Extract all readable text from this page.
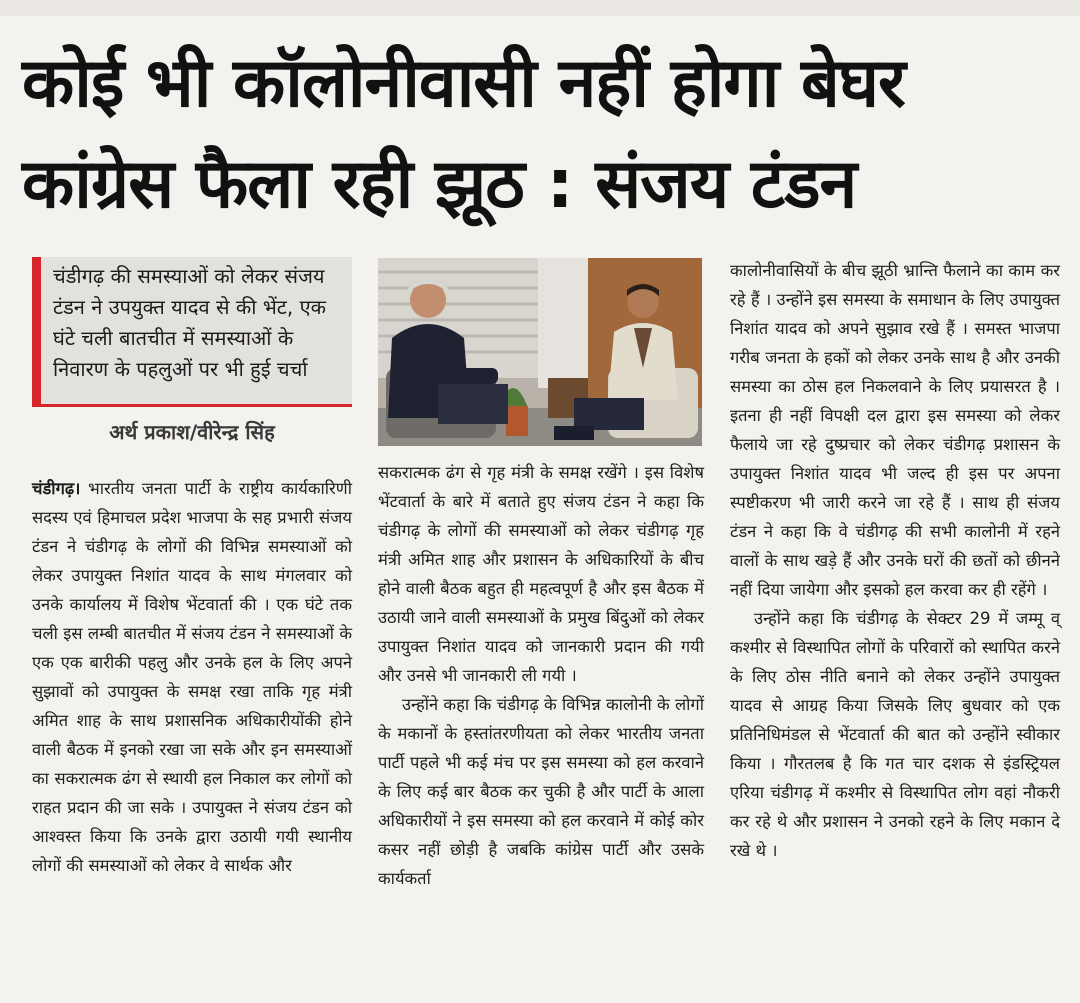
कोई भी कॉलोनीवासी नहीं होगा बेघर
कांग्रेस फैला रही झूठ : संजय टंडन
चंडीगढ़ की समस्याओं को लेकर संजय टंडन ने उपयुक्त यादव से की भेंट, एक घंटे चली बातचीत में समस्याओं के निवारण के पहलुओं पर भी हुई चर्चा
अर्थ प्रकाश/वीरेन्द्र सिंह

चंडीगढ़। भारतीय जनता पार्टी के राष्ट्रीय कार्यकारिणी सदस्य एवं हिमाचल प्रदेश भाजपा के सह प्रभारी संजय टंडन ने चंडीगढ़ के लोगों की विभिन्न समस्याओं को लेकर उपायुक्त निशांत यादव के साथ मंगलवार को उनके कार्यालय में विशेष भेंटवार्ता की । एक घंटे तक चली इस लम्बी बातचीत में संजय टंडन ने समस्याओं के एक एक बारीकी पहलु और उनके हल के लिए अपने सुझावों को उपायुक्त के समक्ष रखा ताकि गृह मंत्री अमित शाह के साथ प्रशासनिक अधिकारीयोंकी होने वाली बैठक में इनको रखा जा सके और इन समस्याओं का सकरात्मक ढंग से स्थायी हल निकाल कर लोगों को राहत प्रदान की जा सके । उपायुक्त ने संजय टंडन को आश्वस्त किया कि उनके द्वारा उठायी गयी स्थानीय लोगों की समस्याओं को लेकर वे सार्थक और

सकरात्मक ढंग से गृह मंत्री के समक्ष रखेंगे । इस विशेष भेंटवार्ता के बारे में बताते हुए संजय टंडन ने कहा कि चंडीगढ़ के लोगों की समस्याओं को लेकर चंडीगढ़ गृह मंत्री अमित शाह और प्रशासन के अधिकारियों के बीच होने वाली बैठक बहुत ही महत्वपूर्ण है और इस बैठक में उठायी जाने वाली समस्याओं के प्रमुख बिंदुओं को लेकर उपायुक्त निशांत यादव को जानकारी प्रदान की गयी और उनसे भी जानकारी ली गयी ।

उन्होंने कहा कि चंडीगढ़ के विभिन्न कालोनी के लोगों के मकानों के हस्तांतरणीयता को लेकर भारतीय जनता पार्टी पहले भी कई मंच पर इस समस्या को हल करवाने के लिए कई बार बैठक कर चुकी है और पार्टी के आला अधिकारीयों ने इस समस्या को हल करवाने में कोई कोर कसर नहीं छोड़ी है जबकि कांग्रेस पार्टी और उसके कार्यकर्ता

कालोनीवासियों के बीच झूठी भ्रान्ति फैलाने का काम कर रहे हैं । उन्होंने इस समस्या के समाधान के लिए उपायुक्त निशांत यादव को अपने सुझाव रखे हैं । समस्त भाजपा गरीब जनता के हकों को लेकर उनके साथ है और उनकी समस्या का ठोस हल निकलवाने के लिए प्रयासरत है । इतना ही नहीं विपक्षी दल द्वारा इस समस्या को लेकर फैलाये जा रहे दुष्प्रचार को लेकर चंडीगढ़ प्रशासन के उपायुक्त निशांत यादव भी जल्द ही इस पर अपना स्पष्टीकरण भी जारी करने जा रहे हैं । साथ ही संजय टंडन ने कहा कि वे चंडीगढ़ की सभी कालोनी में रहने वालों के साथ खड़े हैं और उनके घरों की छतों को छीनने नहीं दिया जायेगा और इसको हल करवा कर ही रहेंगे ।

उन्होंने कहा कि चंडीगढ़ के सेक्टर 29 में जम्मू व् कश्मीर से विस्थापित लोगों के परिवारों को स्थापित करने के लिए ठोस नीति बनाने को लेकर उन्होंने उपायुक्त यादव से आग्रह किया जिसके लिए बुधवार को एक प्रतिनिधिमंडल से भेंटवार्ता की बात को उन्होंने स्वीकार किया । गौरतलब है कि गत चार दशक से इंडस्ट्रियल एरिया चंडीगढ़ में कश्मीर से विस्थापित लोग वहां नौकरी कर रहे थे और प्रशासन ने उनको रहने के लिए मकान दे रखे थे ।
